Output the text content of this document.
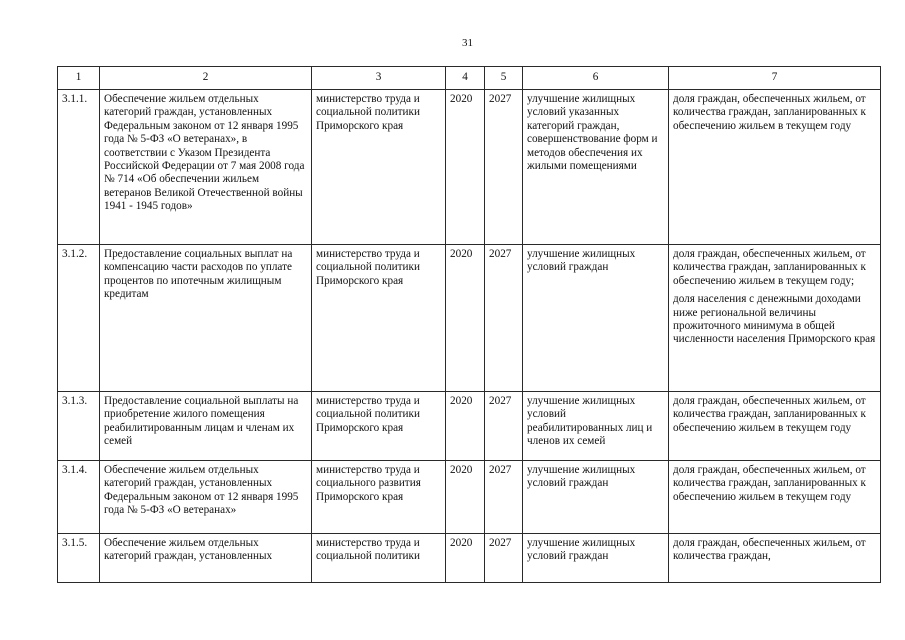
31
1	2	3	4	5	6	7
3.1.1.	Обеспечение жильем отдельных категорий граждан, установленных Федеральным законом от 12 января 1995 года № 5-ФЗ «О ветеранах», в соответствии с Указом Президента Российской Федерации от 7 мая 2008 года № 714 «Об обеспечении жильем ветеранов Великой Отечественной войны 1941 - 1945 годов»	министерство труда и социальной политики Приморского края	2020	2027	улучшение жилищных условий указанных категорий граждан, совершенствование форм и методов обеспечения их жилыми помещениями	доля граждан, обеспеченных жильем, от количества граждан, запланированных к обеспечению жильем в текущем году

3.1.2.	Предоставление социальных выплат на компенсацию части расходов по уплате процентов по ипотечным жилищным кредитам	министерство труда и социальной политики Приморского края	2020	2027	улучшение жилищных условий граждан	доля граждан, обеспеченных жильем, от количества граждан, запланированных к обеспечению жильем в текущем году;
доля населения с денежными доходами ниже региональной величины прожиточного минимума в общей численности населения Приморского края

3.1.3.	Предоставление социальной выплаты на приобретение жилого помещения реабилитированным лицам и членам их семей	министерство труда и социальной политики Приморского края	2020	2027	улучшение жилищных условий реабилитированных лиц и членов их семей	доля граждан, обеспеченных жильем, от количества граждан, запланированных к обеспечению жильем в текущем году

3.1.4.	Обеспечение жильем отдельных категорий граждан, установленных Федеральным законом от 12 января 1995 года № 5-ФЗ «О ветеранах»	министерство труда и социального развития Приморского края	2020	2027	улучшение жилищных условий граждан	доля граждан, обеспеченных жильем, от количества граждан, запланированных к обеспечению жильем в текущем году

3.1.5.	Обеспечение жильем отдельных категорий граждан, установленных	министерство труда и социальной политики	2020	2027	улучшение жилищных условий граждан	доля граждан, обеспеченных жильем, от количества граждан,
